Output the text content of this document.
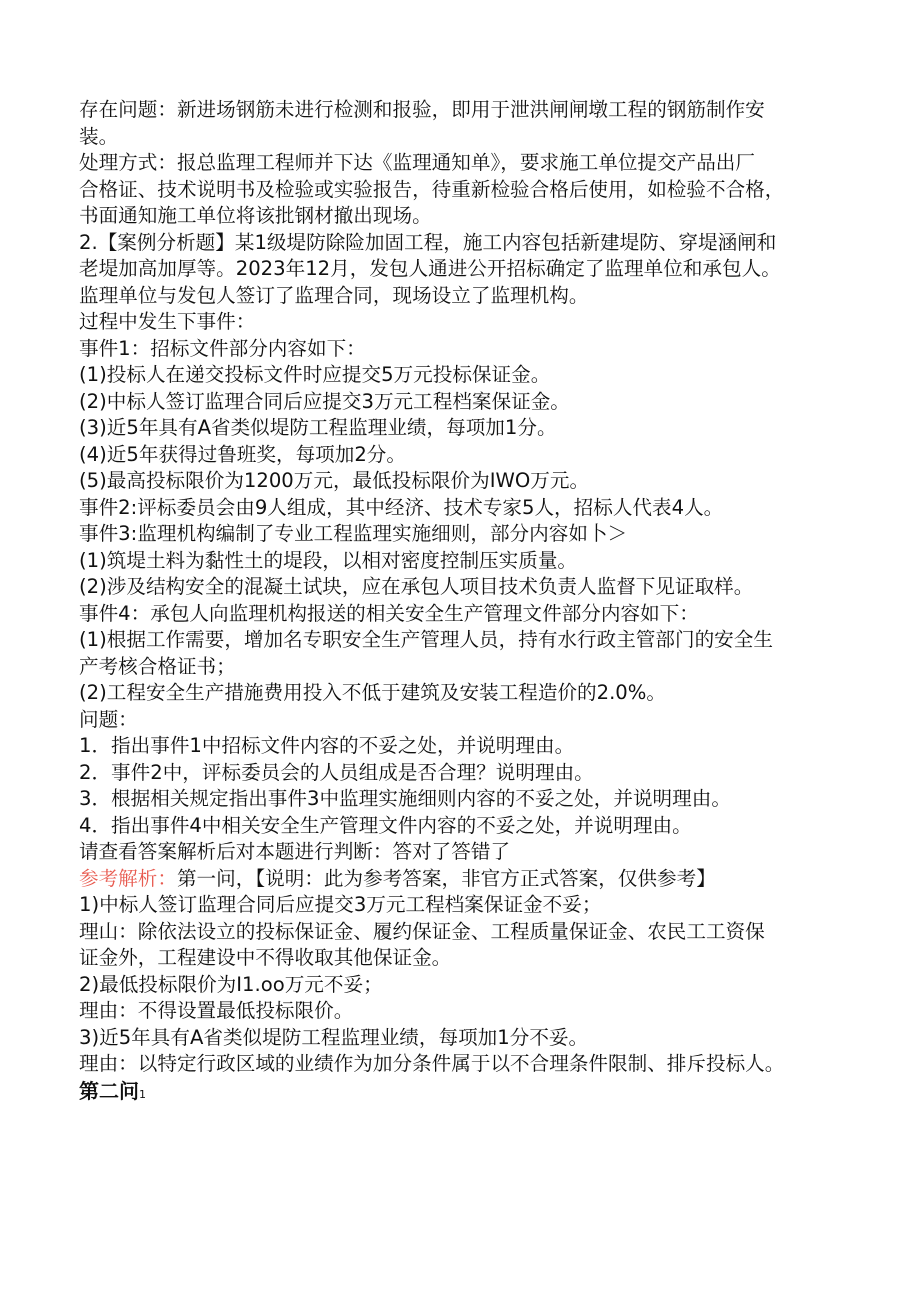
存在问题：新进场钢筋未进行检测和报验，即用于泄洪闸闸墩工程的钢筋制作安
装。
处理方式：报总监理工程师并下达《监理通知单》，要求施工单位提交产品出厂
合格证、技术说明书及检验或实验报告，待重新检验合格后使用，如检验不合格，
书面通知施工单位将该批钢材撤出现场。
2.【案例分析题】某1级堤防除险加固工程，施工内容包括新建堤防、穿堤涵闸和
老堤加高加厚等。2023年12月，发包人通进公开招标确定了监理单位和承包人。
监理单位与发包人签订了监理合同，现场设立了监理机构。
过程中发生下事件：
事件1：招标文件部分内容如下：
(1)投标人在递交投标文件时应提交5万元投标保证金。
(2)中标人签订监理合同后应提交3万元工程档案保证金。
(3)近5年具有A省类似堤防工程监理业绩，每项加1分。
(4)近5年获得过鲁班奖，每项加2分。
(5)最高投标限价为1200万元，最低投标限价为IWO万元。
事件2:评标委员会由9人组成，其中经济、技术专家5人，招标人代表4人。
事件3:监理机构编制了专业工程监理实施细则，部分内容如卜＞
(1)筑堤土料为黏性土的堤段，以相对密度控制压实质量。
(2)涉及结构安全的混凝土试块，应在承包人项目技术负责人监督下见证取样。
事件4：承包人向监理机构报送的相关安全生产管理文件部分内容如下：
(1)根据工作需要，增加名专职安全生产管理人员，持有水行政主管部门的安全生
产考核合格证书；
(2)工程安全生产措施费用投入不低于建筑及安装工程造价的2.0%。
问题：
1．指出事件1中招标文件内容的不妥之处，并说明理由。
2．事件2中，评标委员会的人员组成是否合理？说明理由。
3．根据相关规定指出事件3中监理实施细则内容的不妥之处，并说明理由。
4．指出事件4中相关安全生产管理文件内容的不妥之处，并说明理由。
请查看答案解析后对本题进行判断：答对了答错了
参考解析：第一问，【说明：此为参考答案，非官方正式答案，仅供参考】
1)中标人签订监理合同后应提交3万元工程档案保证金不妥；
理山：除依法设立的投标保证金、履约保证金、工程质量保证金、农民工工资保
证金外，工程建设中不得收取其他保证金。
2)最低投标限价为I1.oo万元不妥；
理由：不得设置最低投标限价。
3)近5年具有A省类似堤防工程监理业绩，每项加1分不妥。
理由：以特定行政区域的业绩作为加分条件属于以不合理条件限制、排斥投标人。
第二问1
